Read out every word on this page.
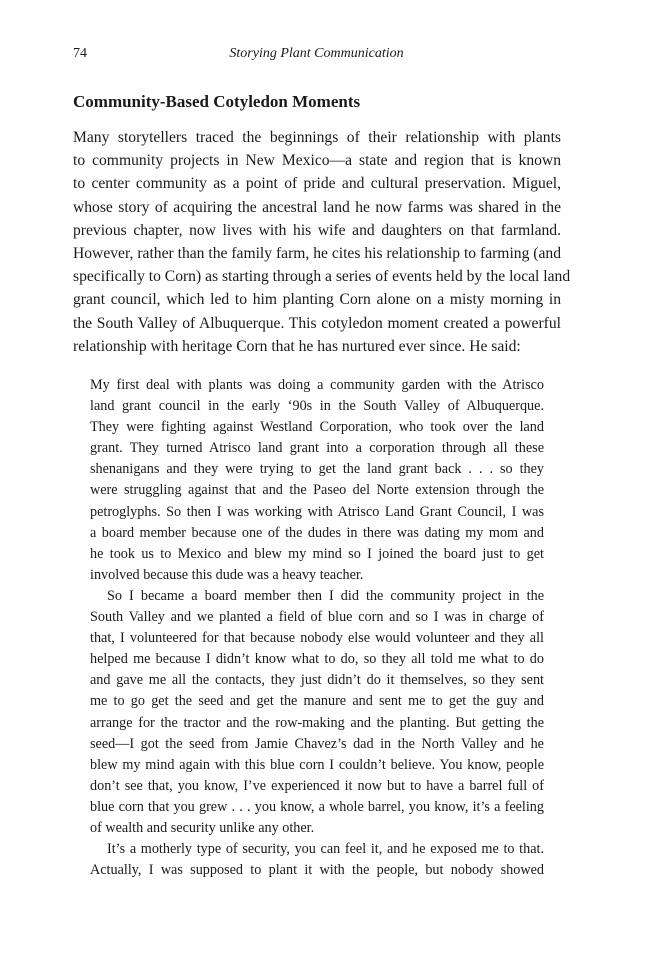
74	Storying Plant Communication
Community-Based Cotyledon Moments
Many storytellers traced the beginnings of their relationship with plants
to community projects in New Mexico—a state and region that is known
to center community as a point of pride and cultural preservation. Miguel,
whose story of acquiring the ancestral land he now farms was shared in the
previous chapter, now lives with his wife and daughters on that farmland.
However, rather than the family farm, he cites his relationship to farming (and
specifically to Corn) as starting through a series of events held by the local land
grant council, which led to him planting Corn alone on a misty morning in
the South Valley of Albuquerque. This cotyledon moment created a powerful
relationship with heritage Corn that he has nurtured ever since. He said:
My first deal with plants was doing a community garden with the Atrisco
land grant council in the early ‘90s in the South Valley of Albuquerque.
They were fighting against Westland Corporation, who took over the land
grant. They turned Atrisco land grant into a corporation through all these
shenanigans and they were trying to get the land grant back . . . so they
were struggling against that and the Paseo del Norte extension through the
petroglyphs. So then I was working with Atrisco Land Grant Council, I was
a board member because one of the dudes in there was dating my mom and
he took us to Mexico and blew my mind so I joined the board just to get
involved because this dude was a heavy teacher.
So I became a board member then I did the community project in the
South Valley and we planted a field of blue corn and so I was in charge of
that, I volunteered for that because nobody else would volunteer and they all
helped me because I didn’t know what to do, so they all told me what to do
and gave me all the contacts, they just didn’t do it themselves, so they sent
me to go get the seed and get the manure and sent me to get the guy and
arrange for the tractor and the row-making and the planting. But getting the
seed—I got the seed from Jamie Chavez’s dad in the North Valley and he
blew my mind again with this blue corn I couldn’t believe. You know, people
don’t see that, you know, I’ve experienced it now but to have a barrel full of
blue corn that you grew . . . you know, a whole barrel, you know, it’s a feeling
of wealth and security unlike any other.
It’s a motherly type of security, you can feel it, and he exposed me to that.
Actually, I was supposed to plant it with the people, but nobody showed
